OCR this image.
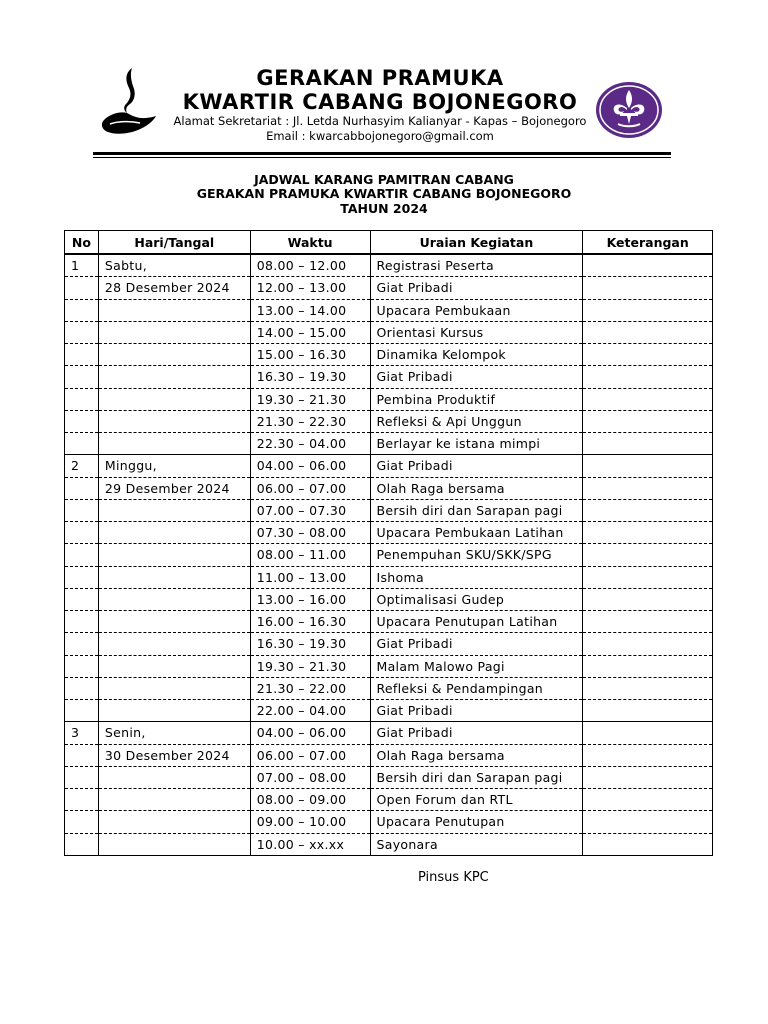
GERAKAN PRAMUKA
KWARTIR CABANG BOJONEGORO
Alamat Sekretariat : Jl. Letda Nurhasyim Kalianyar - Kapas – Bojonegoro
Email : kwarcabbojonegoro@gmail.com
JADWAL KARANG PAMITRAN CABANG
GERAKAN PRAMUKA KWARTIR CABANG BOJONEGORO
TAHUN 2024
No	Hari/Tangal	Waktu	Uraian Kegiatan	Keterangan
1	Sabtu,	08.00 – 12.00	Registrasi Peserta	
	28 Desember 2024	12.00 – 13.00	Giat Pribadi	
		13.00 – 14.00	Upacara Pembukaan	
		14.00 – 15.00	Orientasi Kursus	
		15.00 – 16.30	Dinamika Kelompok	
		16.30 – 19.30	Giat Pribadi	
		19.30 – 21.30	Pembina Produktif	
		21.30 – 22.30	Refleksi & Api Unggun	
		22.30 – 04.00	Berlayar ke istana mimpi	
2	Minggu,	04.00 – 06.00	Giat Pribadi	
	29 Desember 2024	06.00 – 07.00	Olah Raga bersama	
		07.00 – 07.30	Bersih diri dan Sarapan pagi	
		07.30 – 08.00	Upacara Pembukaan Latihan	
		08.00 – 11.00	Penempuhan SKU/SKK/SPG	
		11.00 – 13.00	Ishoma	
		13.00 – 16.00	Optimalisasi Gudep	
		16.00 – 16.30	Upacara Penutupan Latihan	
		16.30 – 19.30	Giat Pribadi	
		19.30 – 21.30	Malam Malowo Pagi	
		21.30 – 22.00	Refleksi & Pendampingan	
		22.00 – 04.00	Giat Pribadi	
3	Senin,	04.00 – 06.00	Giat Pribadi	
	30 Desember 2024	06.00 – 07.00	Olah Raga bersama	
		07.00 – 08.00	Bersih diri dan Sarapan pagi	
		08.00 – 09.00	Open Forum dan RTL	
		09.00 – 10.00	Upacara Penutupan	
		10.00 – xx.xx	Sayonara	
Pinsus KPC
